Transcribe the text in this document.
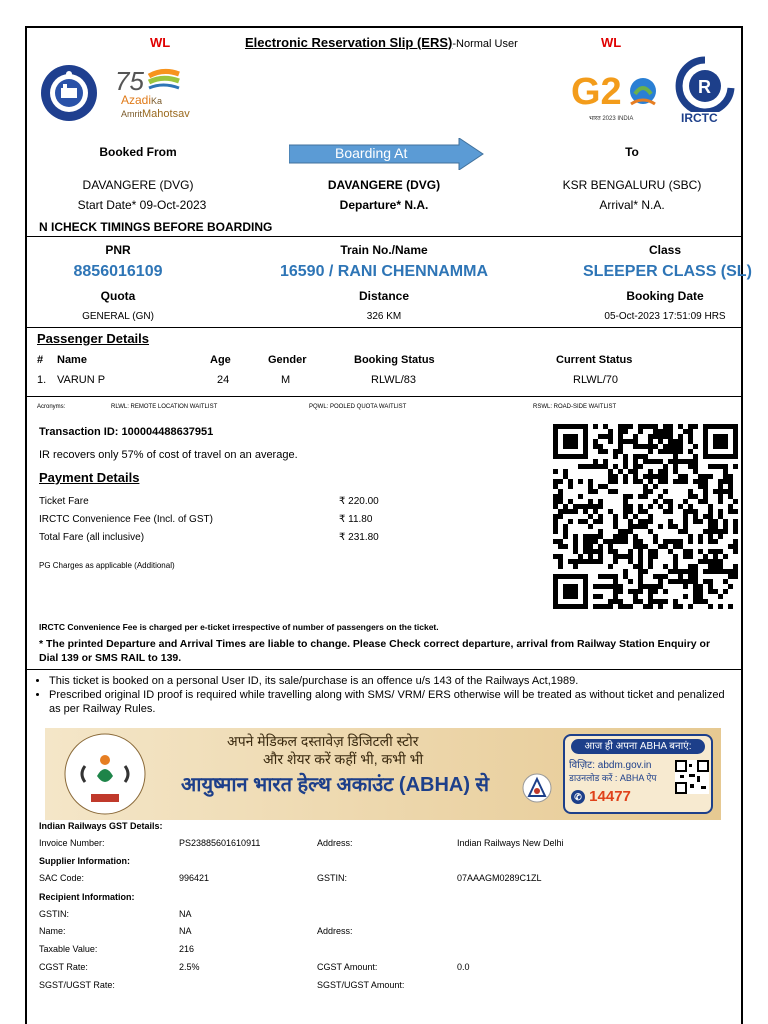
WL	Electronic Reservation Slip (ERS)-Normal User	WL
75
AzadiKa
AmritMahotsav
G2
भारत 2023 INDIA
R
IRCTC
Booked From	Boarding At	To
DAVANGERE (DVG)	DAVANGERE (DVG)	KSR BENGALURU (SBC)
Start Date* 09-Oct-2023	Departure* N.A.	Arrival* N.A.
N ICHECK TIMINGS BEFORE BOARDING
PNR	Train No./Name	Class
8856016109	16590 / RANI CHENNAMMA	SLEEPER CLASS (SL)
Quota	Distance	Booking Date
GENERAL (GN)	326 KM	05-Oct-2023 17:51:09 HRS
Passenger Details
# Name	Age	Gender	Booking Status	Current Status
1. VARUN P	24	M	RLWL/83	RLWL/70
Acronyms:	RLWL: REMOTE LOCATION WAITLIST	PQWL: POOLED QUOTA WAITLIST	RSWL: ROAD-SIDE WAITLIST
Transaction ID: 100004488637951
IR recovers only 57% of cost of travel on an average.
Payment Details
Ticket Fare	₹ 220.00
IRCTC Convenience Fee (Incl. of GST)	₹ 11.80
Total Fare (all inclusive)	₹ 231.80
PG Charges as applicable (Additional)
IRCTC Convenience Fee is charged per e-ticket irrespective of number of passengers on the ticket.
* The printed Departure and Arrival Times are liable to change. Please Check correct departure, arrival from Railway Station Enquiry or Dial 139 or SMS RAIL to 139.
• This ticket is booked on a personal User ID, its sale/purchase is an offence u/s 143 of the Railways Act,1989.
• Prescribed original ID proof is required while travelling along with SMS/ VRM/ ERS otherwise will be treated as without ticket and penalized as per Railway Rules.
अपने मेडिकल दस्तावेज़ डिजिटली स्टोर
और शेयर करें कहीं भी, कभी भी
आयुष्मान भारत हेल्थ अकाउंट (ABHA) से
आज ही अपना ABHA बनाएं:
विज़िट: abdm.gov.in
डाउनलोड करें : ABHA ऐप
✆ 14477
Indian Railways GST Details:
Invoice Number:	PS23885601610911	Address:	Indian Railways New Delhi
Supplier Information:
SAC Code:	996421	GSTIN:	07AAAGM0289C1ZL
Recipient Information:
GSTIN:	NA
Name:	NA	Address:
Taxable Value:	216
CGST Rate:	2.5%	CGST Amount:	0.0
SGST/UGST Rate:	SGST/UGST Amount:
